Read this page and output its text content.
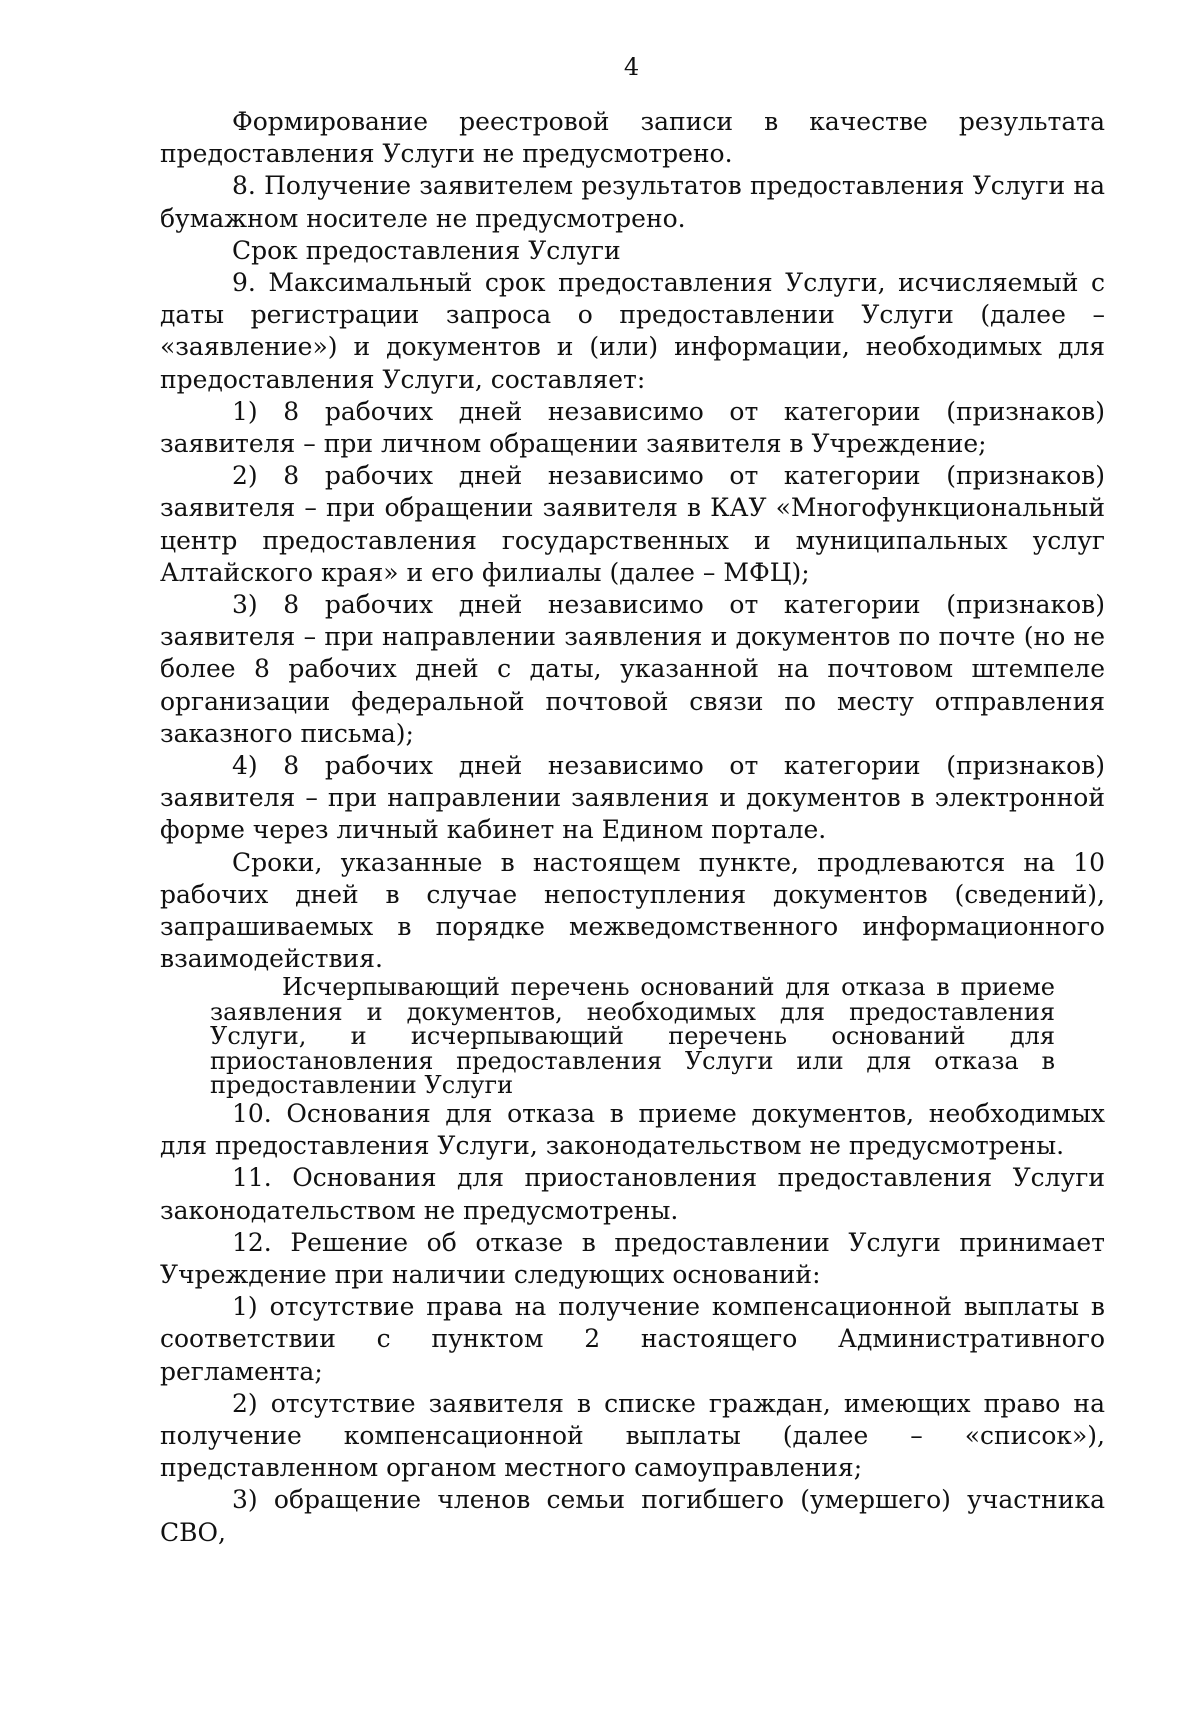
4

Формирование реестровой записи в качестве результата предоставления Услуги не предусмотрено.

8. Получение заявителем результатов предоставления Услуги на бумажном носителе не предусмотрено.

Срок предоставления Услуги

9. Максимальный срок предоставления Услуги, исчисляемый с даты регистрации запроса о предоставлении Услуги (далее – «заявление») и документов и (или) информации, необходимых для предоставления Услуги, составляет:

1) 8 рабочих дней независимо от категории (признаков) заявителя – при личном обращении заявителя в Учреждение;

2) 8 рабочих дней независимо от категории (признаков) заявителя – при обращении заявителя в КАУ «Многофункциональный центр предоставления государственных и муниципальных услуг Алтайского края» и его филиалы (далее – МФЦ);

3) 8 рабочих дней независимо от категории (признаков) заявителя – при направлении заявления и документов по почте (но не более 8 рабочих дней с даты, указанной на почтовом штемпеле организации федеральной почтовой связи по месту отправления заказного письма);

4) 8 рабочих дней независимо от категории (признаков) заявителя – при направлении заявления и документов в электронной форме через личный кабинет на Едином портале.

Сроки, указанные в настоящем пункте, продлеваются на 10 рабочих дней в случае непоступления документов (сведений), запрашиваемых в порядке межведомственного информационного взаимодействия.

Исчерпывающий перечень оснований для отказа в приеме заявления и документов, необходимых для предоставления Услуги, и исчерпывающий перечень оснований для приостановления предоставления Услуги или для отказа в предоставлении Услуги

10. Основания для отказа в приеме документов, необходимых для предоставления Услуги, законодательством не предусмотрены.

11. Основания для приостановления предоставления Услуги законодательством не предусмотрены.

12. Решение об отказе в предоставлении Услуги принимает Учреждение при наличии следующих оснований:

1) отсутствие права на получение компенсационной выплаты в соответствии с пунктом 2 настоящего Административного регламента;

2) отсутствие заявителя в списке граждан, имеющих право на получение компенсационной выплаты (далее – «список»), представленном органом местного самоуправления;

3) обращение членов семьи погибшего (умершего) участника СВО,
